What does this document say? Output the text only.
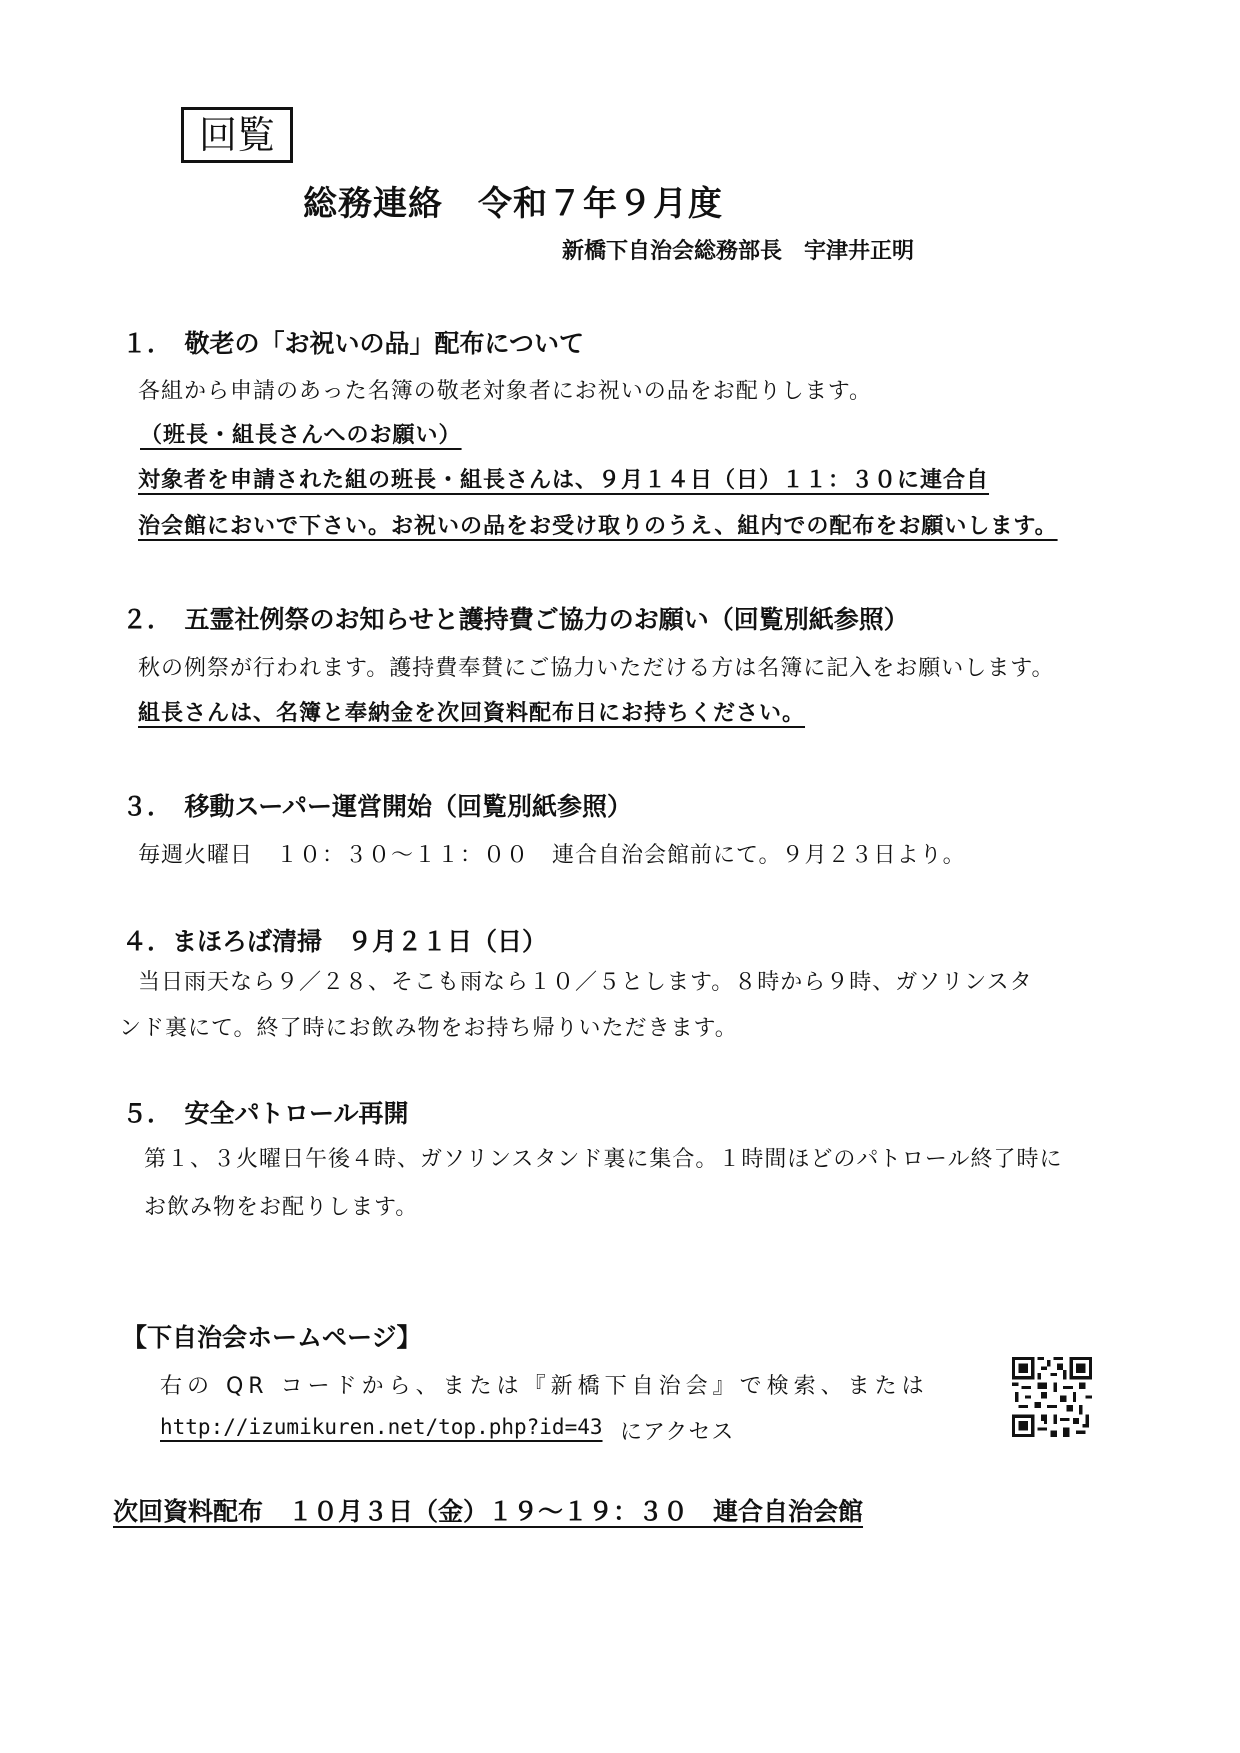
回覧
総務連絡　令和７年９月度
新橋下自治会総務部長　宇津井正明
１．　敬老の「お祝いの品」配布について
各組から申請のあった名簿の敬老対象者にお祝いの品をお配りします。
（班長・組長さんへのお願い）
対象者を申請された組の班長・組長さんは、９月１４日（日）１１：３０に連合自
治会館においで下さい。お祝いの品をお受け取りのうえ、組内での配布をお願いします。
２．　五霊社例祭のお知らせと護持費ご協力のお願い（回覧別紙参照）
秋の例祭が行われます。護持費奉賛にご協力いただける方は名簿に記入をお願いします。
組長さんは、名簿と奉納金を次回資料配布日にお持ちください。
３．　移動スーパー運営開始（回覧別紙参照）
毎週火曜日　１０：３０～１１：００　連合自治会館前にて。９月２３日より。
４．まほろば清掃　９月２１日（日）
当日雨天なら９／２８、そこも雨なら１０／５とします。８時から９時、ガソリンスタ
ンド裏にて。終了時にお飲み物をお持ち帰りいただきます。
５．　安全パトロール再開
第１、３火曜日午後４時、ガソリンスタンド裏に集合。１時間ほどのパトロール終了時に
お飲み物をお配りします。
【下自治会ホームページ】
右の QR コードから、または『新橋下自治会』で検索、または
http://izumikuren.net/top.php?id=43 にアクセス
次回資料配布　１０月３日（金）１９～１９：３０　連合自治会館
